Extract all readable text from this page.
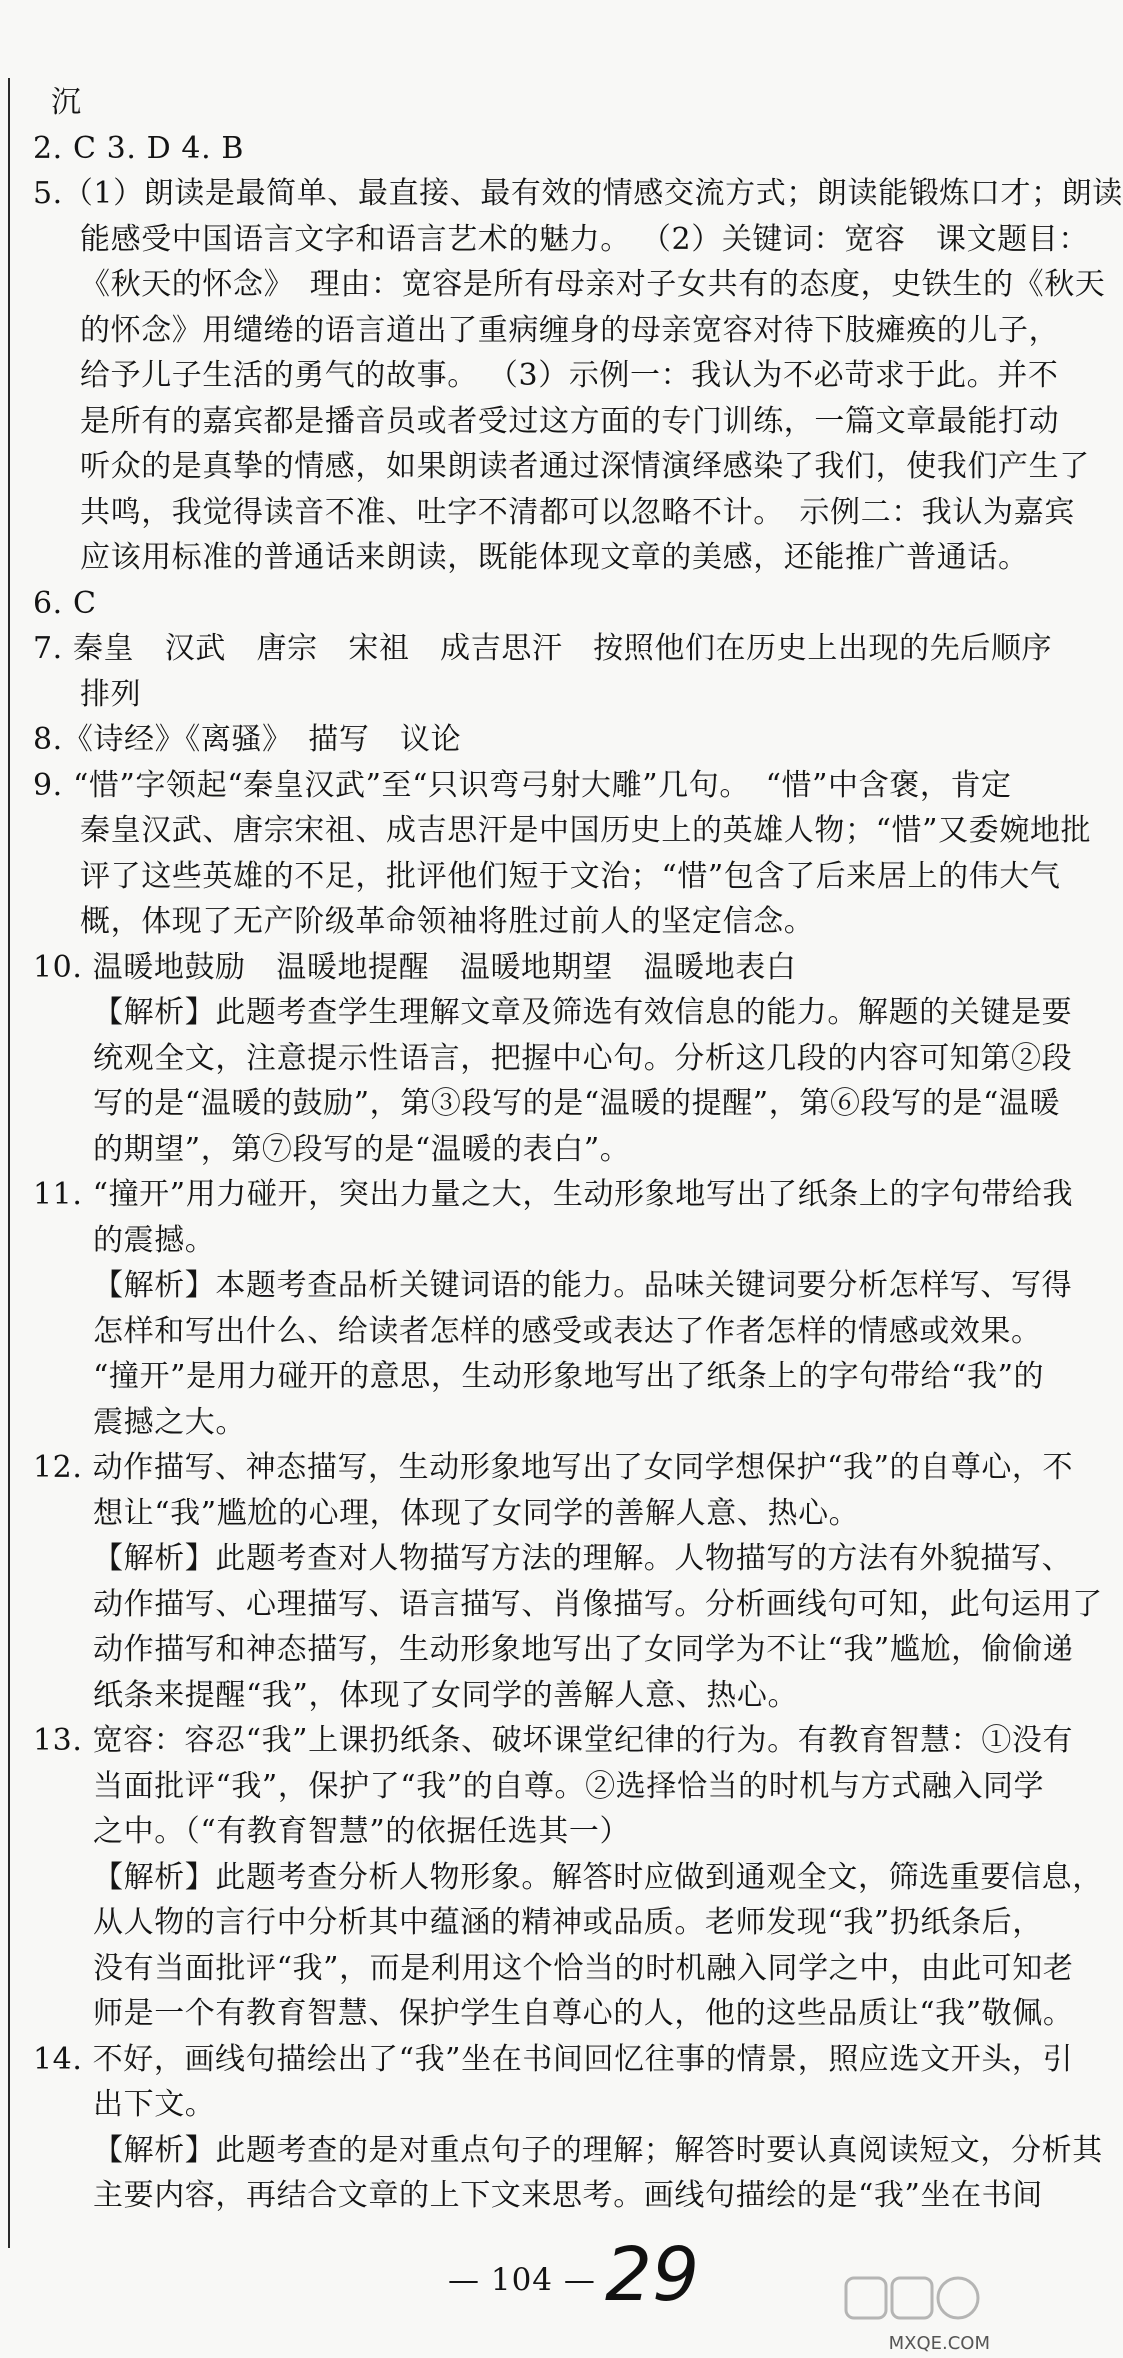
沉
2. C 3. D 4. B
5.（1）朗读是最简单、最直接、最有效的情感交流方式；朗读能锻炼口才；朗读
能感受中国语言文字和语言艺术的魅力。 （2）关键词：宽容　课文题目：
《秋天的怀念》　理由：宽容是所有母亲对子女共有的态度，史铁生的《秋天
的怀念》用缱绻的语言道出了重病缠身的母亲宽容对待下肢瘫痪的儿子，
给予儿子生活的勇气的故事。 （3）示例一：我认为不必苛求于此。并不
是所有的嘉宾都是播音员或者受过这方面的专门训练，一篇文章最能打动
听众的是真挚的情感，如果朗读者通过深情演绎感染了我们，使我们产生了
共鸣，我觉得读音不准、吐字不清都可以忽略不计。　示例二：我认为嘉宾
应该用标准的普通话来朗读，既能体现文章的美感，还能推广普通话。
6. C
7. 秦皇　汉武　唐宗　宋祖　成吉思汗　按照他们在历史上出现的先后顺序
排列
8.《诗经》《离骚》　描写　议论
9. “惜”字领起“秦皇汉武”至“只识弯弓射大雕”几句。　“惜”中含褒，肯定
秦皇汉武、唐宗宋祖、成吉思汗是中国历史上的英雄人物；“惜”又委婉地批
评了这些英雄的不足，批评他们短于文治；“惜”包含了后来居上的伟大气
概，体现了无产阶级革命领袖将胜过前人的坚定信念。
10. 温暖地鼓励　温暖地提醒　温暖地期望　温暖地表白
【解析】此题考查学生理解文章及筛选有效信息的能力。解题的关键是要
统观全文，注意提示性语言，把握中心句。分析这几段的内容可知第②段
写的是“温暖的鼓励”，第③段写的是“温暖的提醒”，第⑥段写的是“温暖
的期望”，第⑦段写的是“温暖的表白”。
11. “撞开”用力碰开，突出力量之大，生动形象地写出了纸条上的字句带给我
的震撼。
【解析】本题考查品析关键词语的能力。品味关键词要分析怎样写、写得
怎样和写出什么、给读者怎样的感受或表达了作者怎样的情感或效果。
“撞开”是用力碰开的意思，生动形象地写出了纸条上的字句带给“我”的
震撼之大。
12. 动作描写、神态描写，生动形象地写出了女同学想保护“我”的自尊心，不
想让“我”尴尬的心理，体现了女同学的善解人意、热心。
【解析】此题考查对人物描写方法的理解。人物描写的方法有外貌描写、
动作描写、心理描写、语言描写、肖像描写。分析画线句可知，此句运用了
动作描写和神态描写，生动形象地写出了女同学为不让“我”尴尬，偷偷递
纸条来提醒“我”，体现了女同学的善解人意、热心。
13. 宽容：容忍“我”上课扔纸条、破坏课堂纪律的行为。有教育智慧：①没有
当面批评“我”，保护了“我”的自尊。②选择恰当的时机与方式融入同学
之中。（“有教育智慧”的依据任选其一）
【解析】此题考查分析人物形象。解答时应做到通观全文，筛选重要信息，
从人物的言行中分析其中蕴涵的精神或品质。老师发现“我”扔纸条后，
没有当面批评“我”，而是利用这个恰当的时机融入同学之中，由此可知老
师是一个有教育智慧、保护学生自尊心的人，他的这些品质让“我”敬佩。
14. 不好，画线句描绘出了“我”坐在书间回忆往事的情景，照应选文开头，引
出下文。
【解析】此题考查的是对重点句子的理解；解答时要认真阅读短文，分析其
主要内容，再结合文章的上下文来思考。画线句描绘的是“我”坐在书间
— 104 — 29
MXQE.COM
